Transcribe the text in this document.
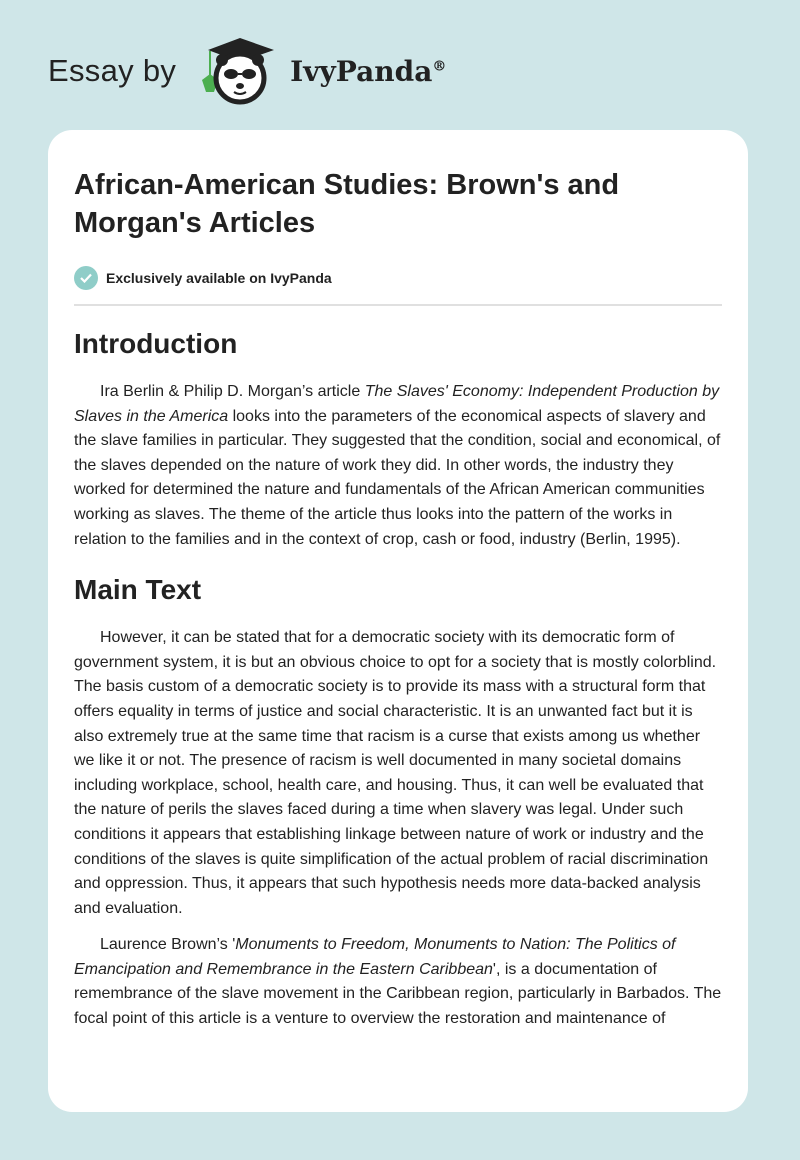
Essay by	IvyPanda®
African-American Studies: Brown's and Morgan's Articles
Exclusively available on IvyPanda
Introduction

Ira Berlin & Philip D. Morgan’s article The Slaves' Economy: Independent Production by Slaves in the America looks into the parameters of the economical aspects of slavery and the slave families in particular. They suggested that the condition, social and economical, of the slaves depended on the nature of work they did. In other words, the industry they worked for determined the nature and fundamentals of the African American communities working as slaves. The theme of the article thus looks into the pattern of the works in relation to the families and in the context of crop, cash or food, industry (Berlin, 1995).

Main Text

However, it can be stated that for a democratic society with its democratic form of government system, it is but an obvious choice to opt for a society that is mostly colorblind. The basis custom of a democratic society is to provide its mass with a structural form that offers equality in terms of justice and social characteristic. It is an unwanted fact but it is also extremely true at the same time that racism is a curse that exists among us whether we like it or not. The presence of racism is well documented in many societal domains including workplace, school, health care, and housing. Thus, it can well be evaluated that the nature of perils the slaves faced during a time when slavery was legal. Under such conditions it appears that establishing linkage between nature of work or industry and the conditions of the slaves is quite simplification of the actual problem of racial discrimination and oppression. Thus, it appears that such hypothesis needs more data-backed analysis and evaluation.

Laurence Brown’s 'Monuments to Freedom, Monuments to Nation: The Politics of Emancipation and Remembrance in the Eastern Caribbean', is a documentation of remembrance of the slave movement in the Caribbean region, particularly in Barbados. The focal point of this article is a venture to overview the restoration and maintenance of
